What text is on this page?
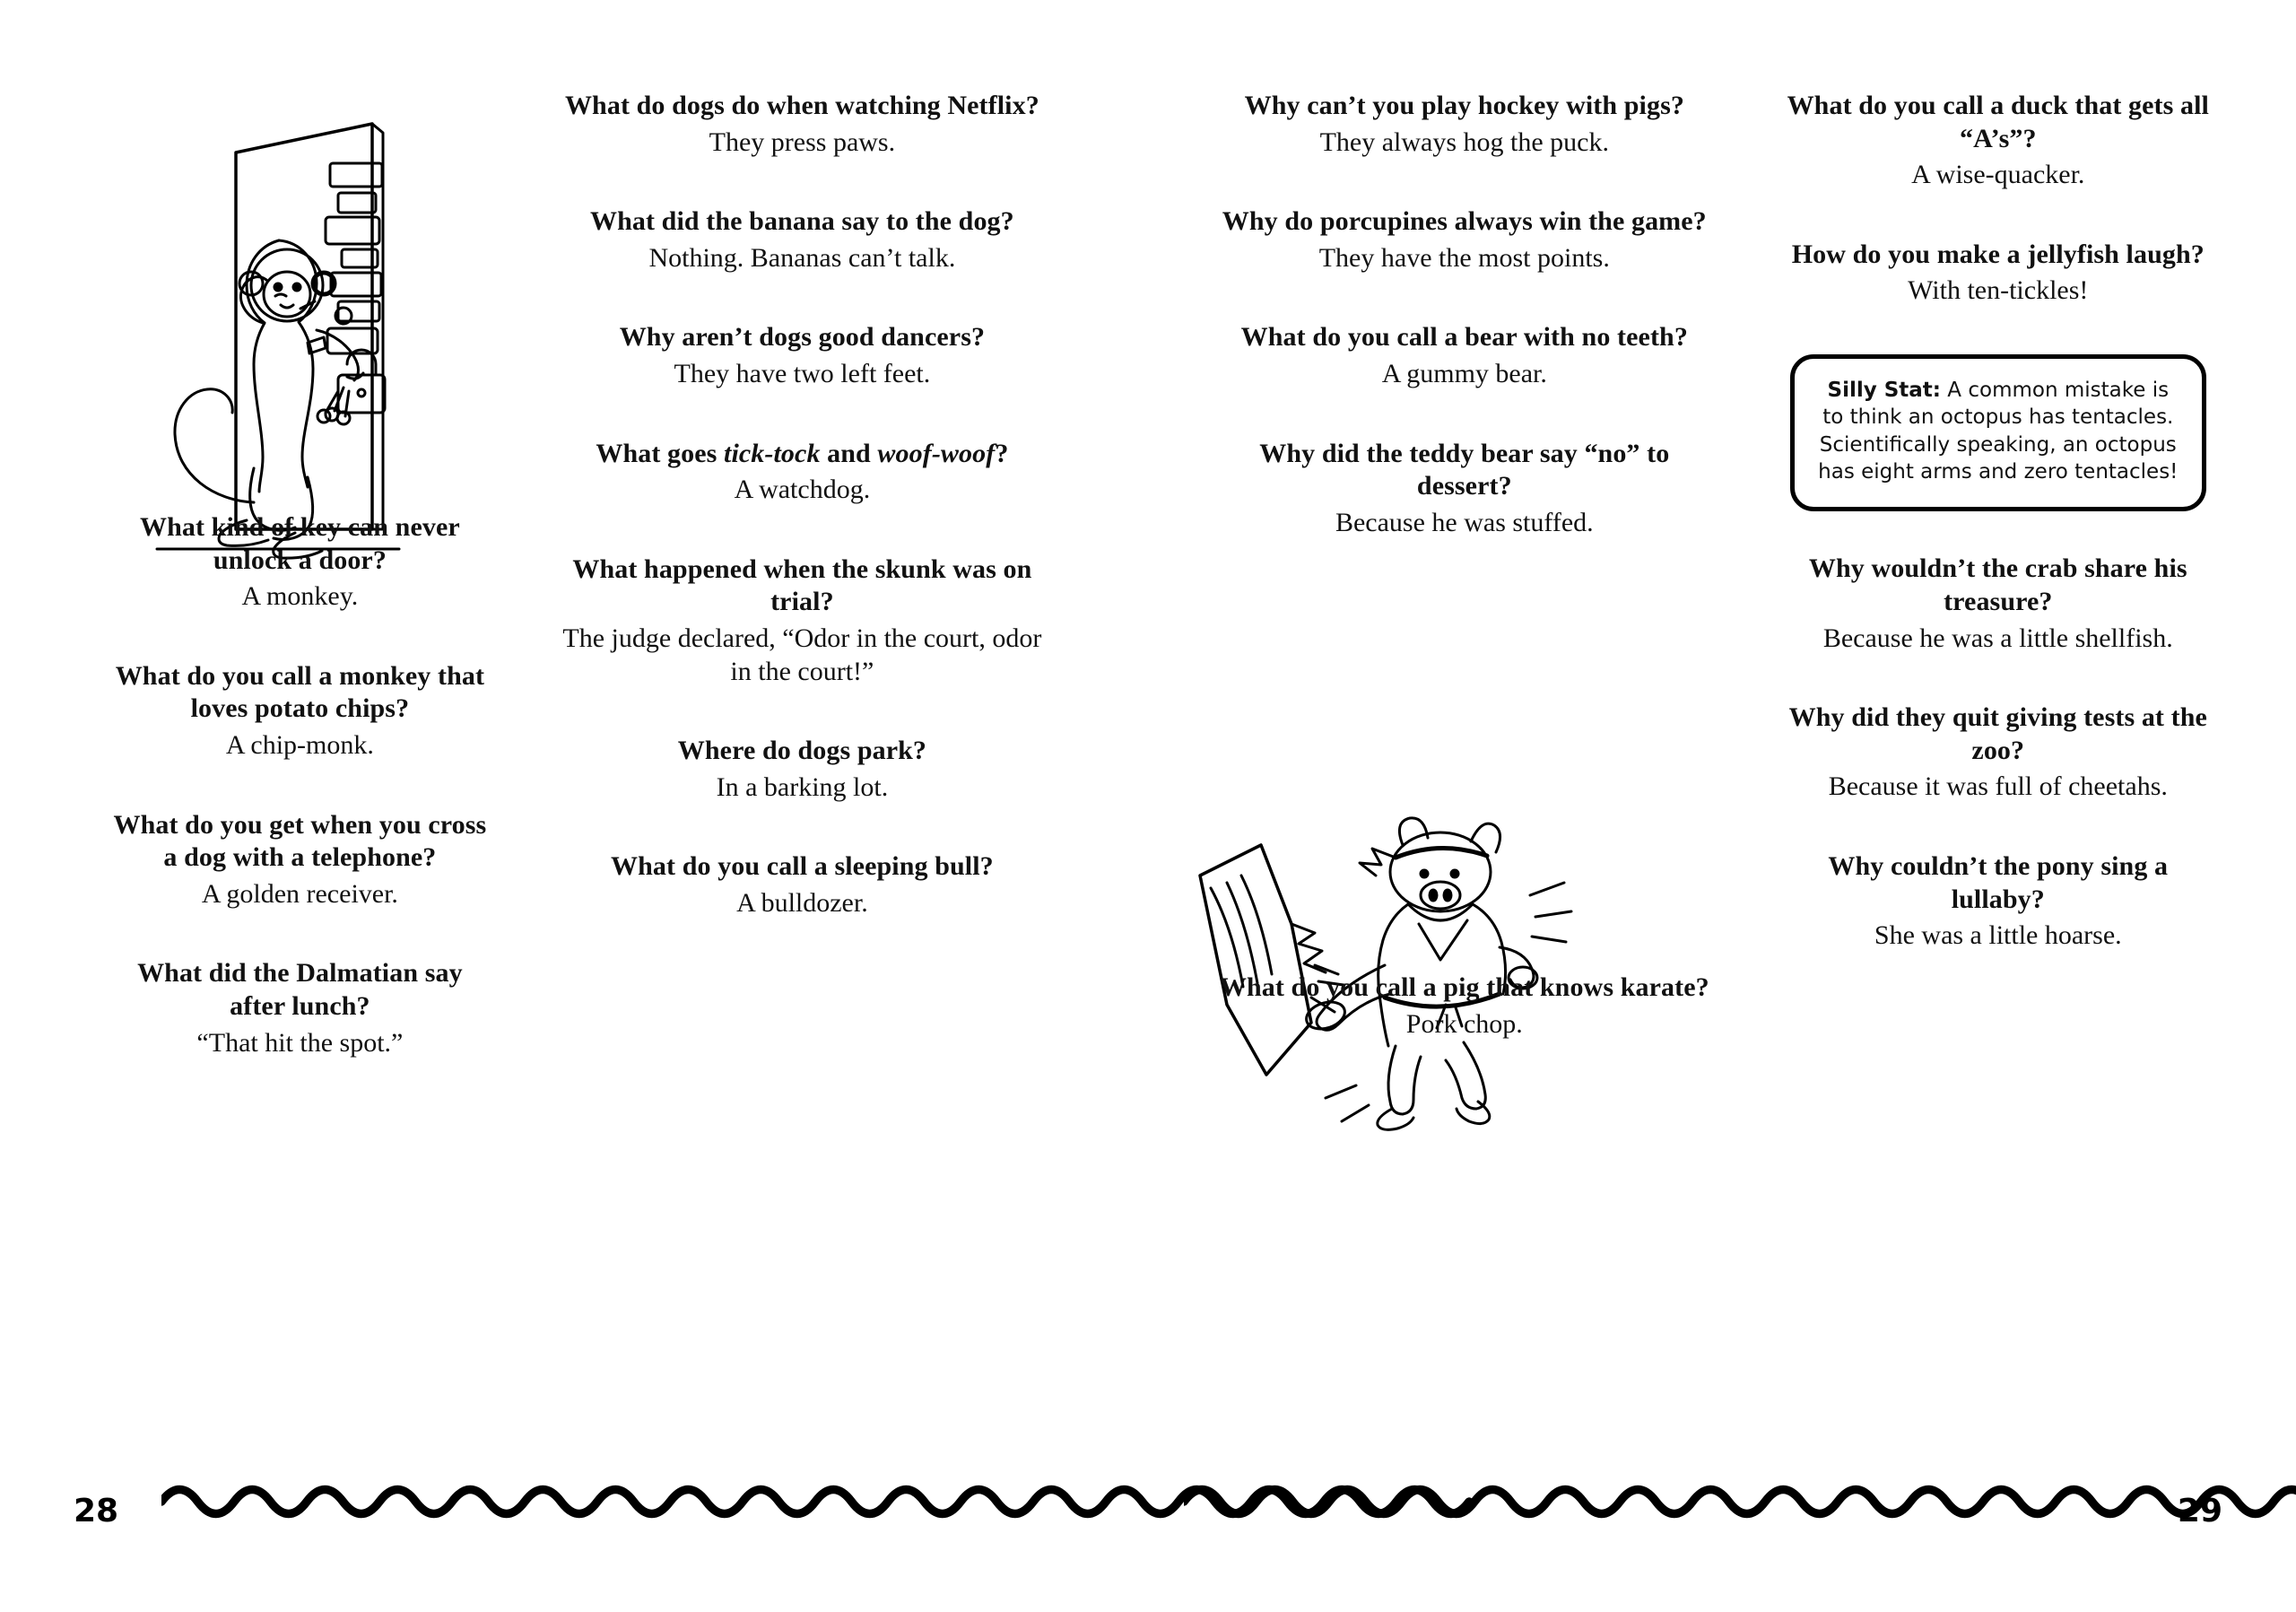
What kind of key can never unlock a door?
A monkey.
What do you call a monkey that loves potato chips?
A chip-monk.
What do you get when you cross a dog with a telephone?
A golden receiver.
What did the Dalmatian say after lunch?
“That hit the spot.”
What do dogs do when watching Netflix?
They press paws.
What did the banana say to the dog?
Nothing. Bananas can’t talk.
Why aren’t dogs good dancers?
They have two left feet.
What goes tick-tock and woof-woof?
A watchdog.
What happened when the skunk was on trial?
The judge declared, “Odor in the court, odor in the court!”
Where do dogs park?
In a barking lot.
What do you call a sleeping bull?
A bulldozer.
28
Why can’t you play hockey with pigs?
They always hog the puck.
Why do porcupines always win the game?
They have the most points.
What do you call a bear with no teeth?
A gummy bear.
Why did the teddy bear say “no” to dessert?
Because he was stuffed.
What do you call a pig that knows karate?
Pork chop.
What do you call a duck that gets all “A’s”?
A wise-quacker.
How do you make a jellyfish laugh?
With ten-tickles!
Silly Stat: A common mistake is to think an octopus has tentacles. Scientifically speaking, an octopus has eight arms and zero tentacles!
Why wouldn’t the crab share his treasure?
Because he was a little shellfish.
Why did they quit giving tests at the zoo?
Because it was full of cheetahs.
Why couldn’t the pony sing a lullaby?
She was a little hoarse.
29
